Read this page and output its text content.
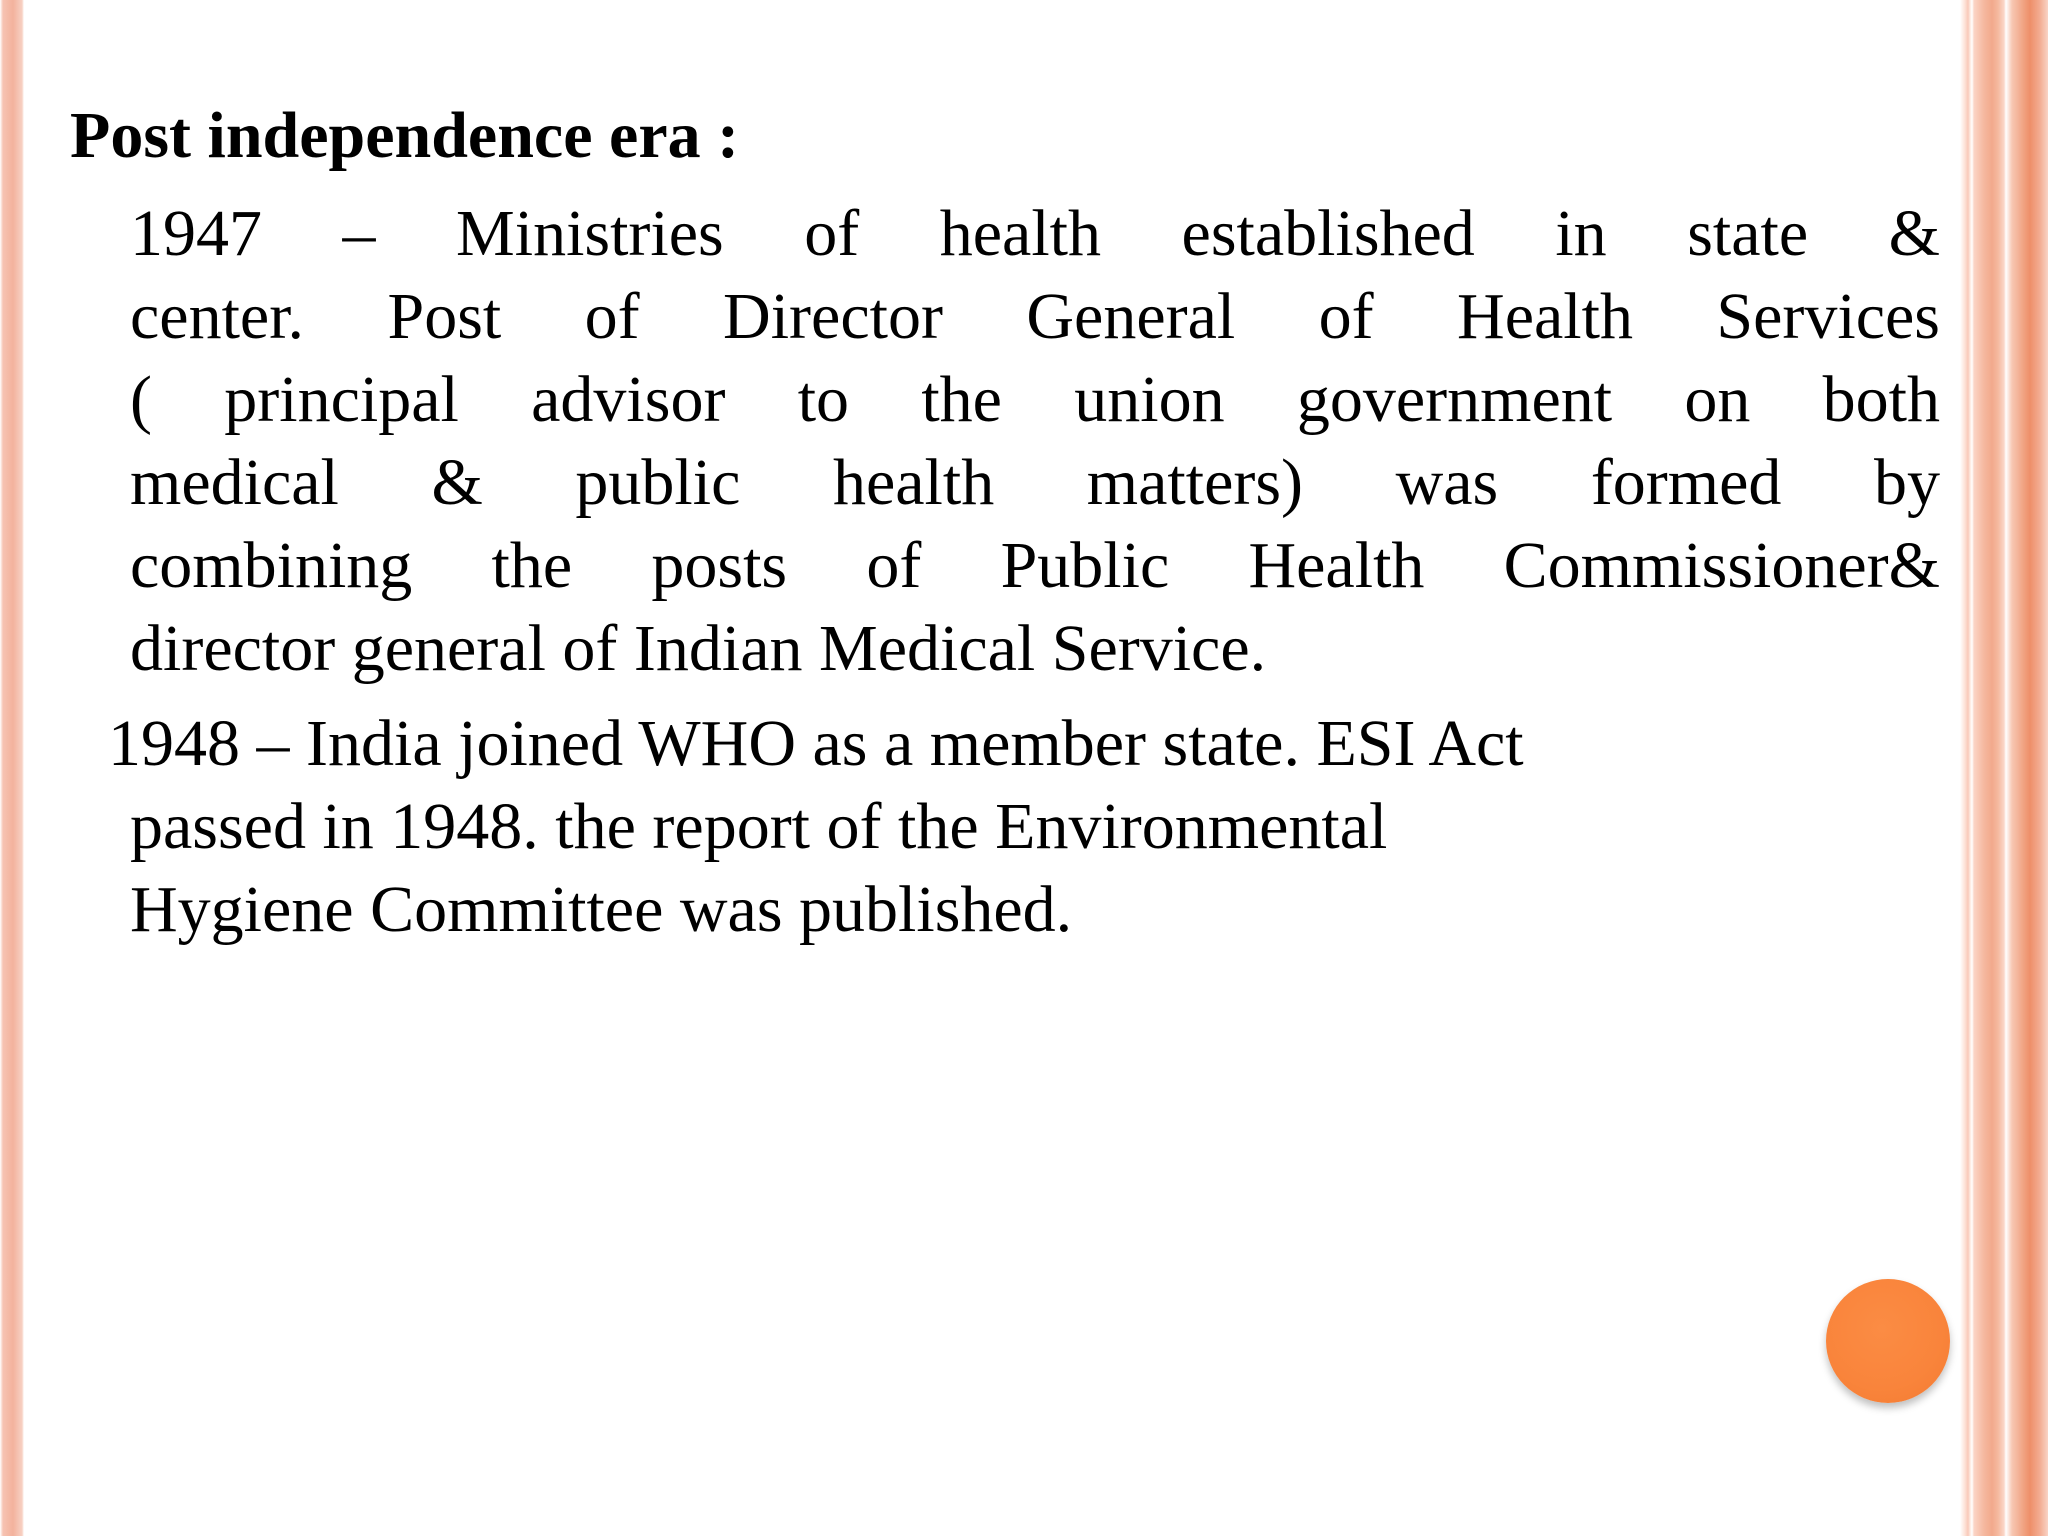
Post independence era :
1947 – Ministries of health established in state &
center. Post of Director General of Health Services
( principal advisor to the union government on both
medical & public health matters) was formed by
combining the posts of Public Health Commissioner&
director general of Indian Medical Service.
1948 – India joined WHO as a member state. ESI Act
passed in 1948. the report of the Environmental
Hygiene Committee was published.
